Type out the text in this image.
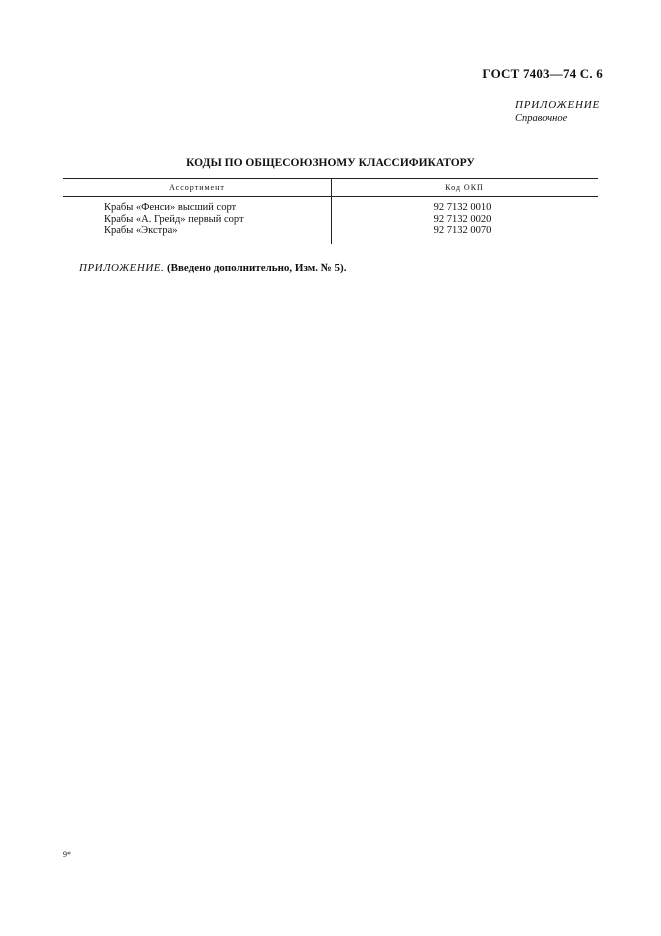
ГОСТ 7403—74 С. 6
ПРИЛОЖЕНИЕ
Справочное
КОДЫ ПО ОБЩЕСОЮЗНОМУ КЛАССИФИКАТОРУ
Ассортимент	Код ОКП
Крабы «Фенси» высший сорт	92 7132 0010
Крабы «А. Грейд» первый сорт	92 7132 0020
Крабы «Экстра»	92 7132 0070
ПРИЛОЖЕНИЕ. (Введено дополнительно, Изм. № 5).
9*
